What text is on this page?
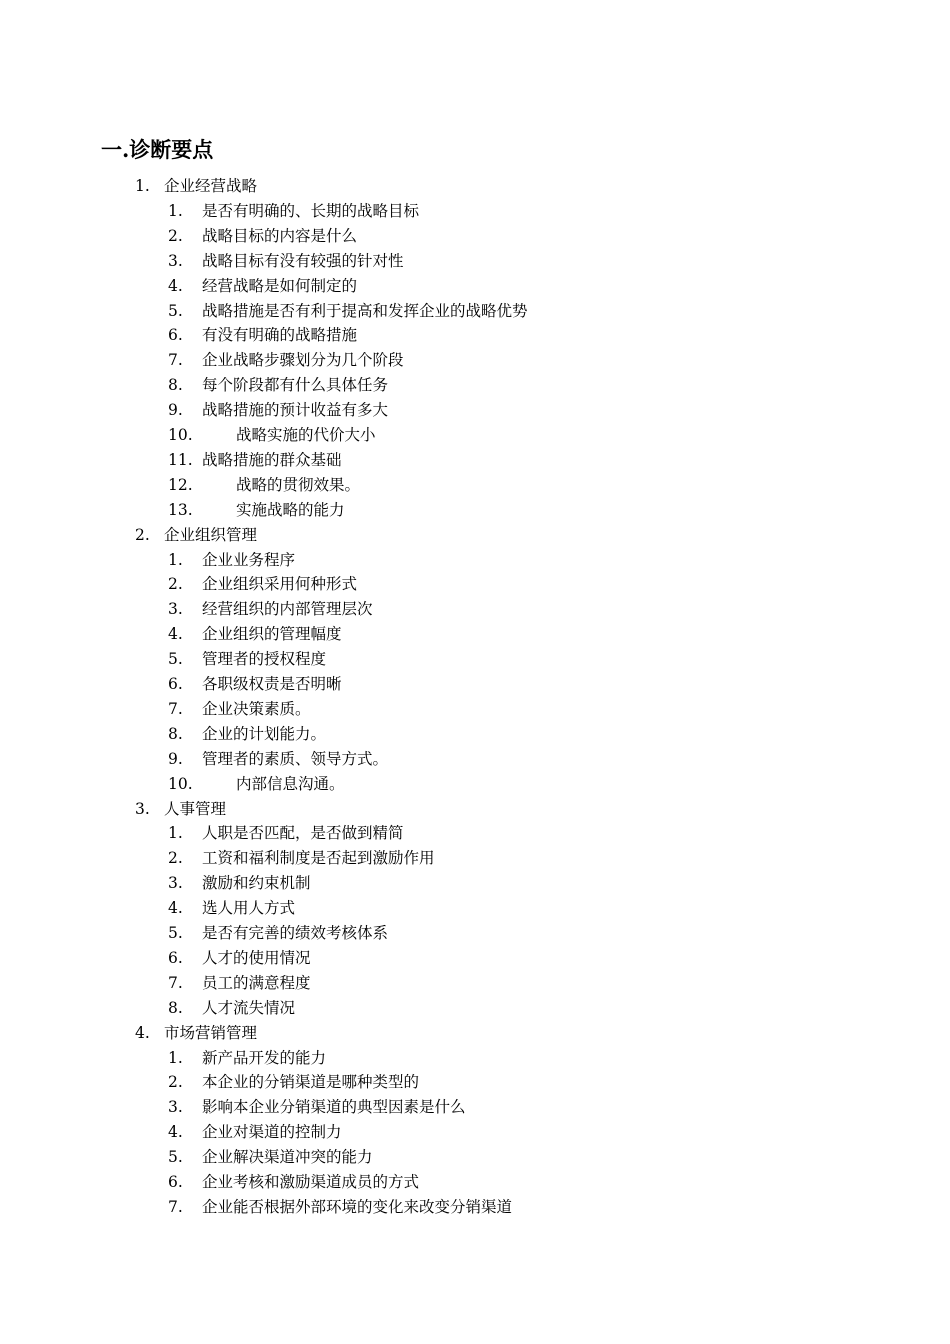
一.诊断要点
1. 企业经营战略
1. 是否有明确的、长期的战略目标
2. 战略目标的内容是什么
3. 战略目标有没有较强的针对性
4. 经营战略是如何制定的
5. 战略措施是否有利于提高和发挥企业的战略优势
6. 有没有明确的战略措施
7. 企业战略步骤划分为几个阶段
8. 每个阶段都有什么具体任务
9. 战略措施的预计收益有多大
10.	战略实施的代价大小
11. 战略措施的群众基础
12.	战略的贯彻效果。
13.	实施战略的能力
2. 企业组织管理
1. 企业业务程序
2. 企业组织采用何种形式
3. 经营组织的内部管理层次
4. 企业组织的管理幅度
5. 管理者的授权程度
6. 各职级权责是否明晰
7. 企业决策素质。
8. 企业的计划能力。
9. 管理者的素质、领导方式。
10.	内部信息沟通。
3. 人事管理
1. 人职是否匹配，是否做到精简
2. 工资和福利制度是否起到激励作用
3. 激励和约束机制
4. 选人用人方式
5. 是否有完善的绩效考核体系
6. 人才的使用情况
7. 员工的满意程度
8. 人才流失情况
4. 市场营销管理
1. 新产品开发的能力
2. 本企业的分销渠道是哪种类型的
3. 影响本企业分销渠道的典型因素是什么
4. 企业对渠道的控制力
5. 企业解决渠道冲突的能力
6. 企业考核和激励渠道成员的方式
7. 企业能否根据外部环境的变化来改变分销渠道
